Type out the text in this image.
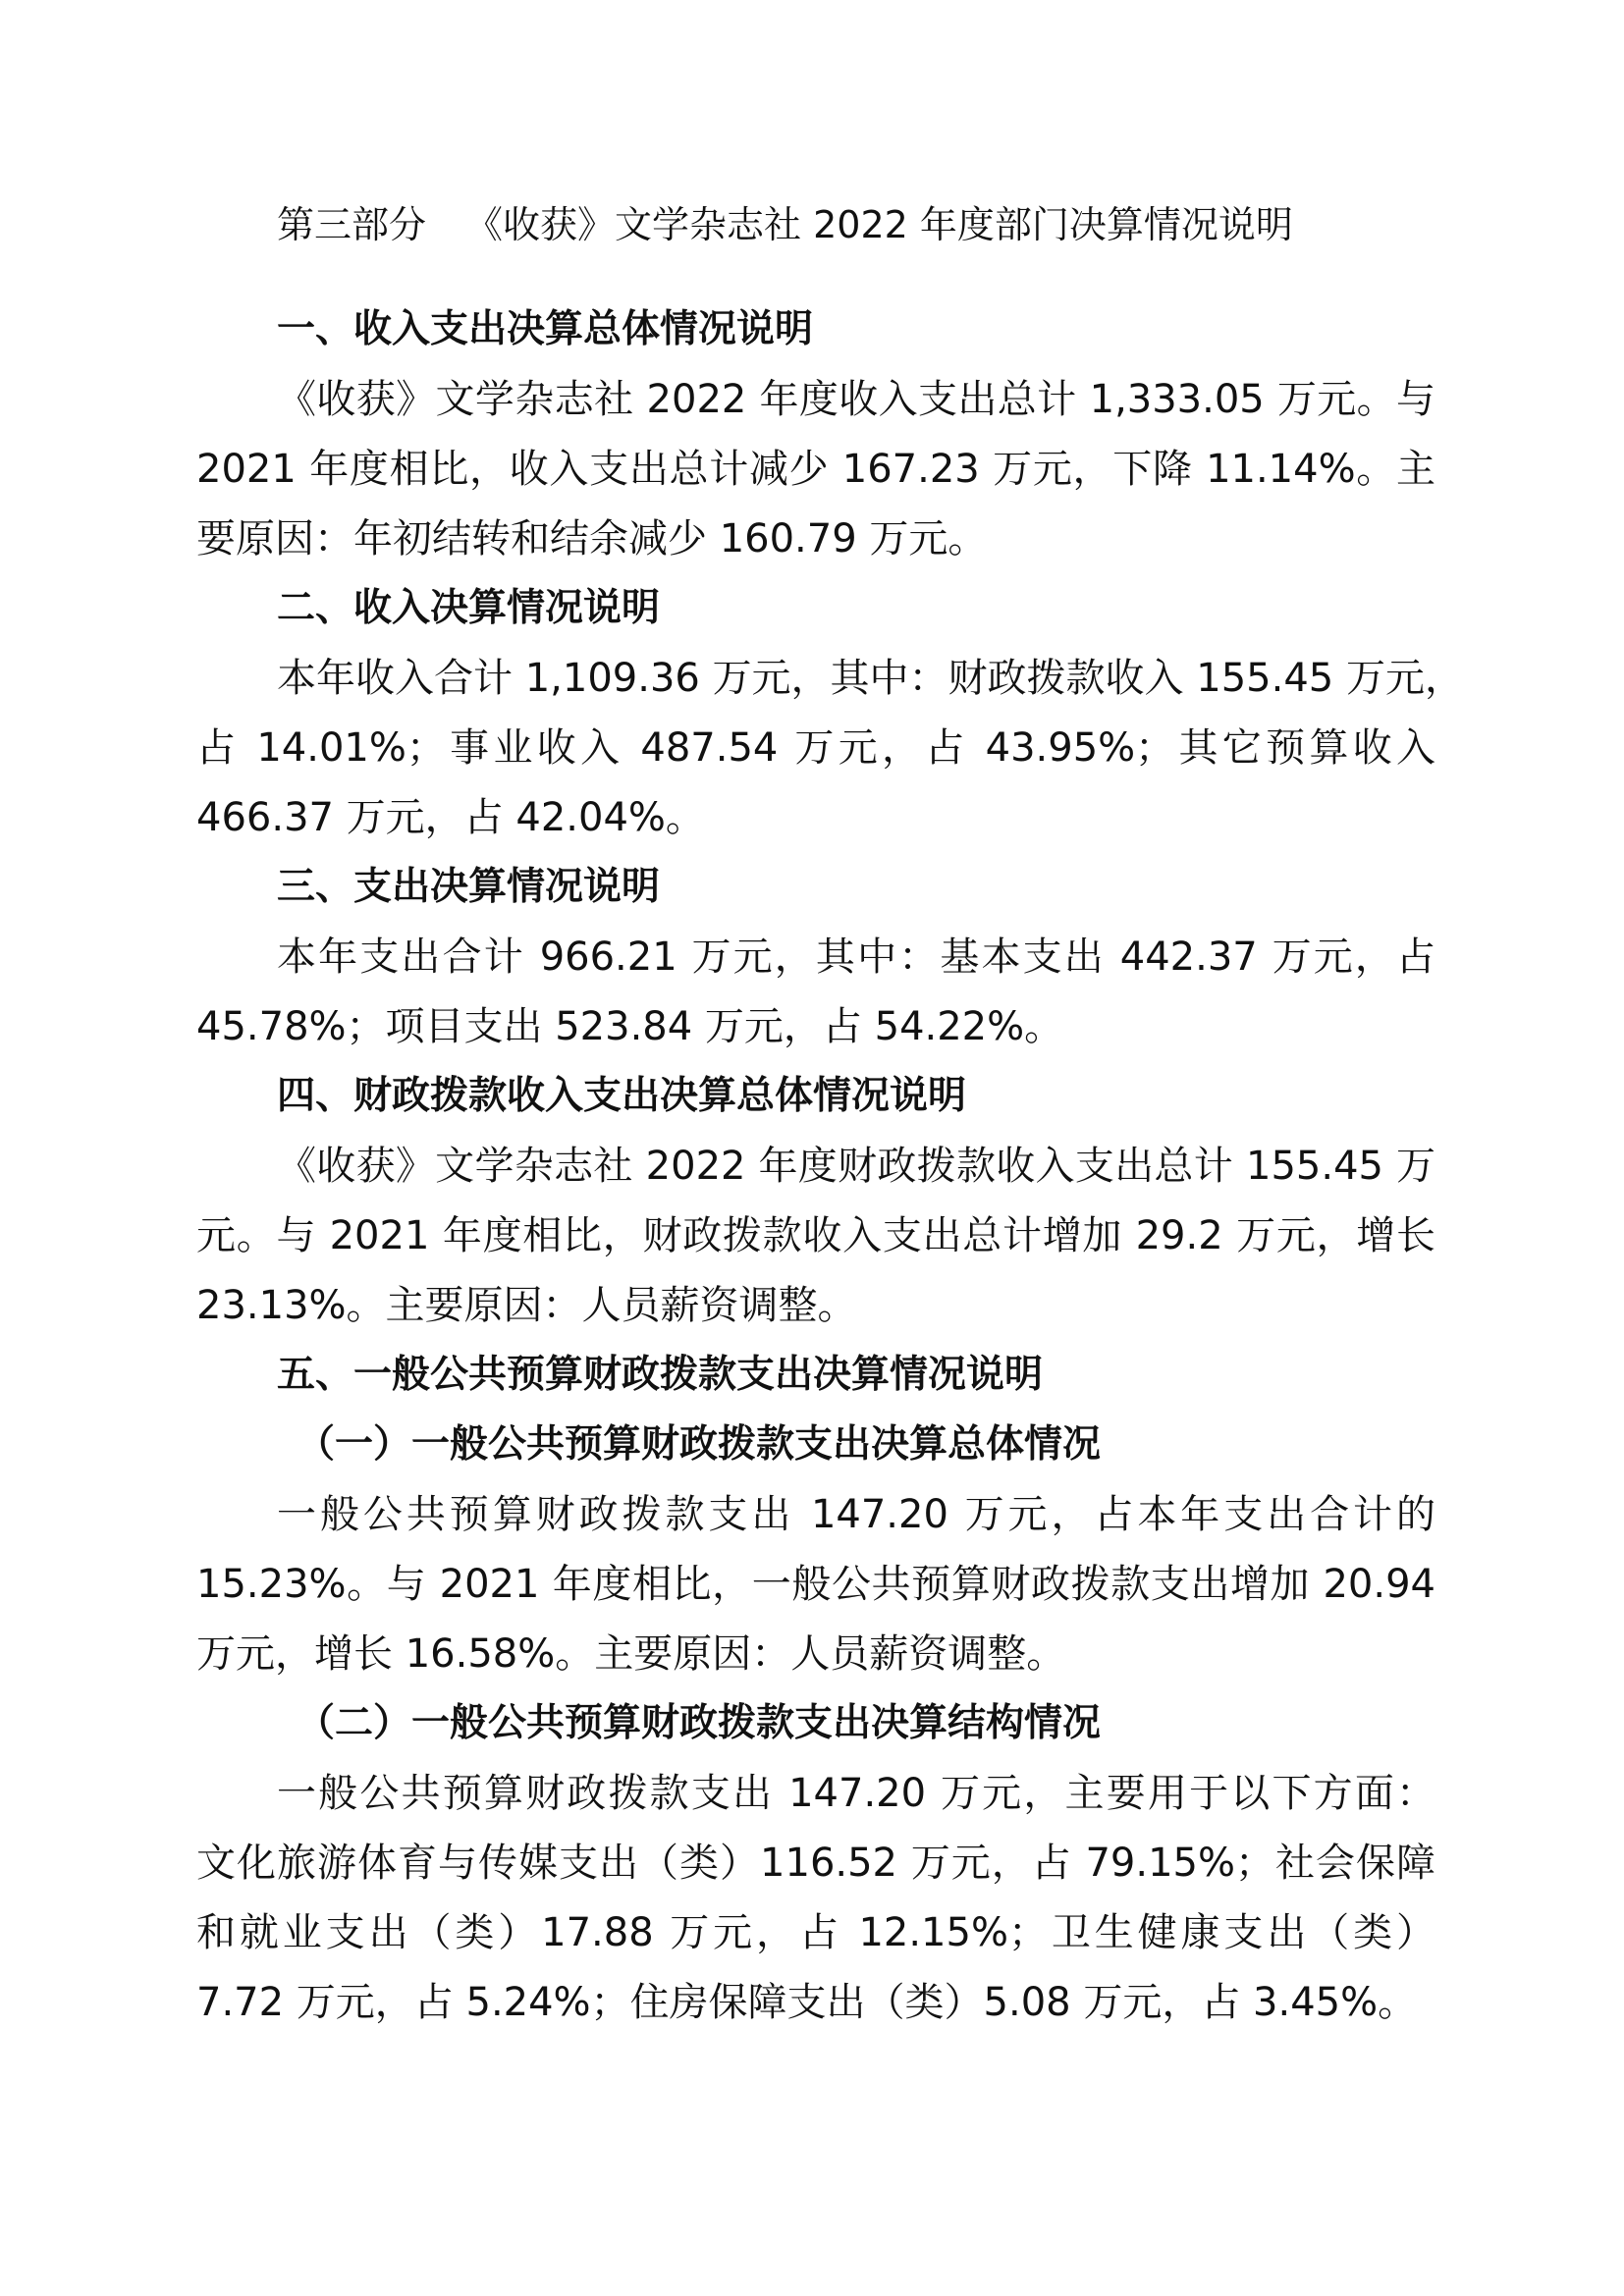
第三部分 《收获》文学杂志社 2022 年度部门决算情况说明

一、收入支出决算总体情况说明

《收获》文学杂志社 2022 年度收入支出总计 1,333.05 万元。与

2021 年度相比，收入支出总计减少 167.23 万元，下降 11.14%。主

要原因：年初结转和结余减少 160.79 万元。

二、收入决算情况说明

本年收入合计 1,109.36 万元，其中：财政拨款收入 155.45 万元，

占 14.01%；事业收入 487.54 万元，占 43.95%；其它预算收入

466.37 万元，占 42.04%。

三、支出决算情况说明

本年支出合计 966.21 万元，其中：基本支出 442.37 万元，占

45.78%；项目支出 523.84 万元，占 54.22%。

四、财政拨款收入支出决算总体情况说明

《收获》文学杂志社 2022 年度财政拨款收入支出总计 155.45 万

元。与 2021 年度相比，财政拨款收入支出总计增加 29.2 万元，增长

23.13%。主要原因：人员薪资调整。

五、一般公共预算财政拨款支出决算情况说明

（一）一般公共预算财政拨款支出决算总体情况

一般公共预算财政拨款支出 147.20 万元，占本年支出合计的

15.23%。与 2021 年度相比，一般公共预算财政拨款支出增加 20.94

万元，增长 16.58%。主要原因：人员薪资调整。

（二）一般公共预算财政拨款支出决算结构情况

一般公共预算财政拨款支出 147.20 万元，主要用于以下方面：

文化旅游体育与传媒支出（类）116.52 万元，占 79.15%；社会保障

和就业支出（类）17.88 万元，占 12.15%；卫生健康支出（类）

7.72 万元，占 5.24%；住房保障支出（类）5.08 万元，占 3.45%。
